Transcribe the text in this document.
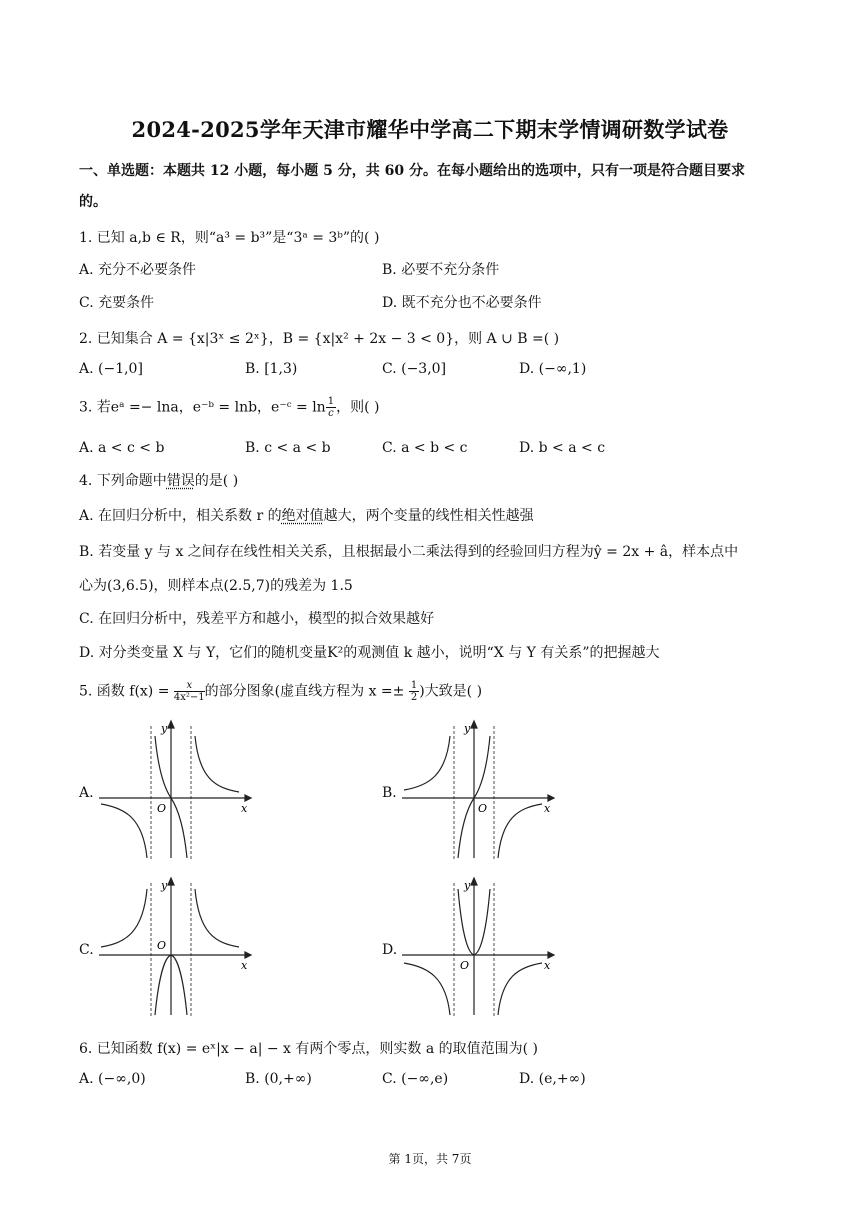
2024-2025学年天津市耀华中学高二下期末学情调研数学试卷
一、单选题：本题共 12 小题，每小题 5 分，共 60 分。在每小题给出的选项中，只有一项是符合题目要求
的。
1. 已知 a,b ∈ R，则“a³ = b³”是“3ᵃ = 3ᵇ”的( )
A. 充分不必要条件	B. 必要不充分条件
C. 充要条件	D. 既不充分也不必要条件
2. 已知集合 A = {x|3ˣ ≤ 2ˣ}，B = {x|x² + 2x − 3 < 0}，则 A ∪ B =( )
A. (−1,0]	B. [1,3)	C. (−3,0]	D. (−∞,1)
3. 若eᵃ =− lna，e⁻ᵇ = lnb，e⁻ᶜ = $\ln \frac{1}{c}$ ，则( )
A. a < c < b	B. c < a < b	C. a < b < c	D. b < a < c
4. 下列命题中错误的是( )
A. 在回归分析中，相关系数 r 的绝对值越大，两个变量的线性相关性越强
B. 若变量 y 与 x 之间存在线性相关关系，且根据最小二乘法得到的经验回归方程为ŷ = 2x + â，样本点中
心为(3,6.5)，则样本点(2.5,7)的残差为 1.5
C. 在回归分析中，残差平方和越小，模型的拟合效果越好
D. 对分类变量 X 与 Y，它们的随机变量K²的观测值 k 越小，说明“X 与 Y 有关系”的把握越大
5. 函数 $f(x) = \frac{x}{\text{4x²−1}}$ 的部分图象(虚直线方程为 $x =\pm \frac{1}{2}$ )大致是( )
A.	B.
C.	D.
y
x
O
y
x
O
y
x
O
y
x
O
6. 已知函数 f(x) = eˣ|x − a| − x 有两个零点，则实数 a 的取值范围为( )
A. (−∞,0)	B. (0,+∞)	C. (−∞,e)	D. (e,+∞)
第 1页，共 7页
